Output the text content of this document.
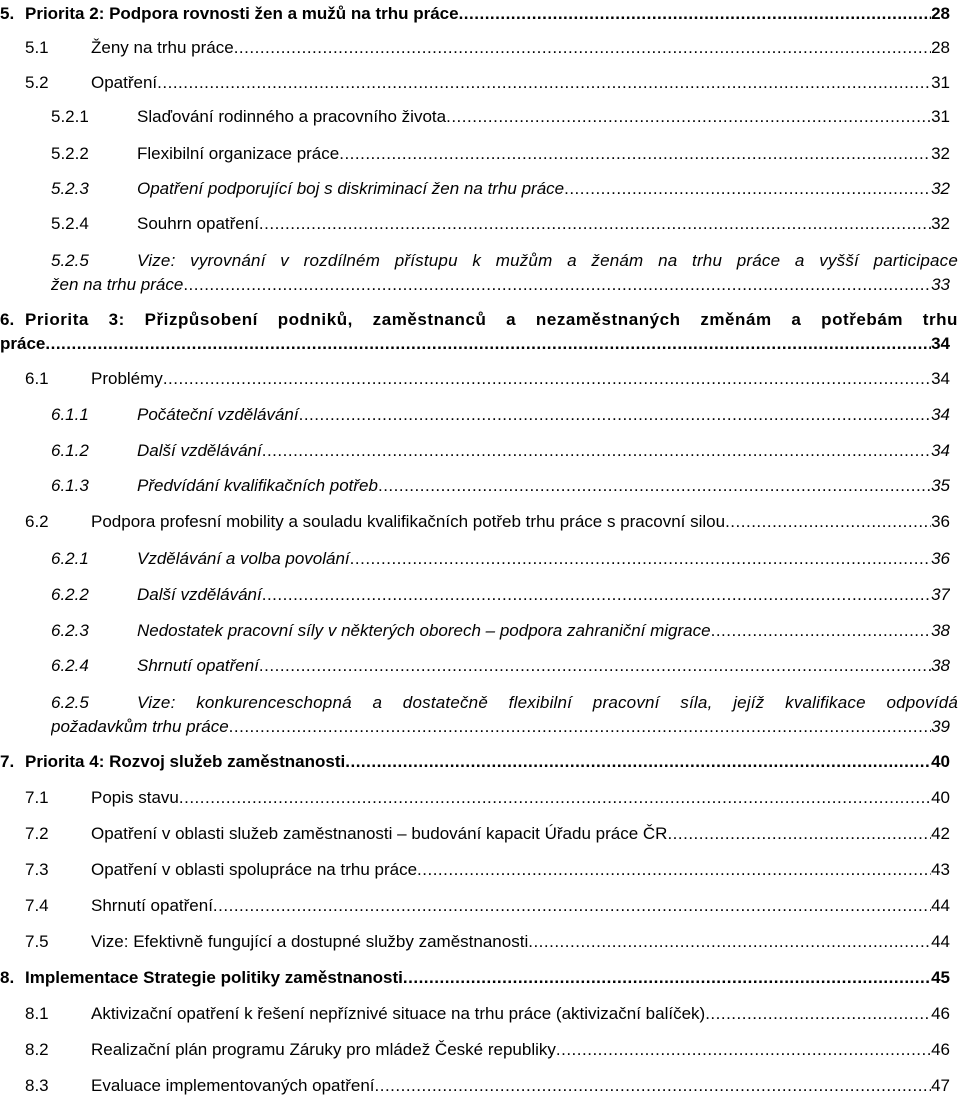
5. Priorita 2: Podpora rovnosti žen a mužů na trhu práce .....	28
5.1	Ženy na trhu práce .....	28
5.2	Opatření .....	31
5.2.1	Slaďování rodinného a pracovního života .....	31
5.2.2	Flexibilní organizace práce .....	32
5.2.3	Opatření podporující boj s diskriminací žen na trhu práce .....	32
5.2.4	Souhrn opatření .....	32
5.2.5	Vize: vyrovnání v rozdílném přístupu k mužům a ženám na trhu práce a vyšší participace
žen na trhu práce .....	33
6. Priorita 3: Přizpůsobení podniků, zaměstnanců a nezaměstnaných změnám a potřebám trhu
práce .....	34
6.1	Problémy .....	34
6.1.1	Počáteční vzdělávání .....	34
6.1.2	Další vzdělávání .....	34
6.1.3	Předvídání kvalifikačních potřeb .....	35
6.2	Podpora profesní mobility a souladu kvalifikačních potřeb trhu práce s pracovní silou .....	36
6.2.1	Vzdělávání a volba povolání .....	36
6.2.2	Další vzdělávání .....	37
6.2.3	Nedostatek pracovní síly v některých oborech – podpora zahraniční migrace .....	38
6.2.4	Shrnutí opatření .....	38
6.2.5	Vize: konkurenceschopná a dostatečně flexibilní pracovní síla, jejíž kvalifikace odpovídá
požadavkům trhu práce .....	39
7. Priorita 4: Rozvoj služeb zaměstnanosti .....	40
7.1	Popis stavu .....	40
7.2	Opatření v oblasti služeb zaměstnanosti – budování kapacit Úřadu práce ČR .....	42
7.3	Opatření v oblasti spolupráce na trhu práce .....	43
7.4	Shrnutí opatření .....	44
7.5	Vize: Efektivně fungující a dostupné služby zaměstnanosti .....	44
8. Implementace Strategie politiky zaměstnanosti .....	45
8.1	Aktivizační opatření k řešení nepříznivé situace na trhu práce (aktivizační balíček) .....	46
8.2	Realizační plán programu Záruky pro mládež České republiky .....	46
8.3	Evaluace implementovaných opatření .....	47
